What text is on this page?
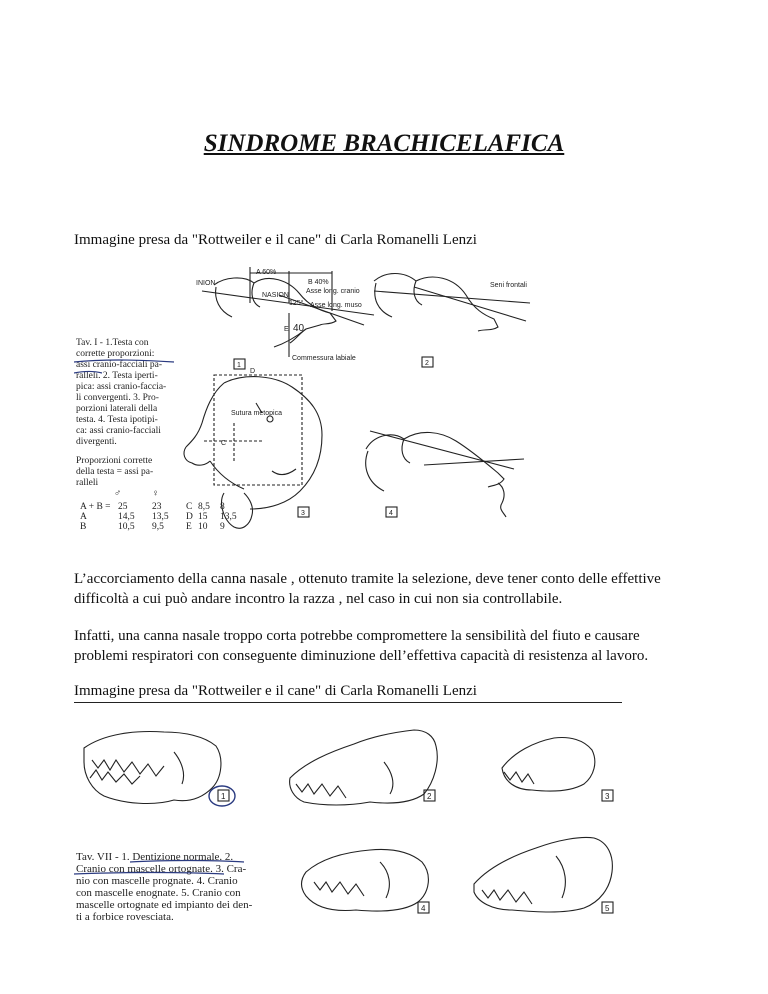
SINDROME BRACHICELAFICA

Immagine presa da "Rottweiler e il cane" di Carla Romanelli Lenzi

Tav. I - 1.Testa con
corrette proporzioni:
assi cranio-facciali pa-
ralleli. 2. Testa iperti-
pica: assi cranio-faccia-
li convergenti. 3. Pro-
porzioni laterali della
testa. 4. Testa ipotipi-
ca: assi cranio-facciali
divergenti.
Proporzioni corrette
della testa = assi pa-
ralleli
♂	♀
A + B = 25	23
A	14,5 13,5
B	10,5 9,5
C 8,5 8
D 15 13,5
E 10 9
A 60%
B 40%
INION
NASION
125°
Asse long. cranio
Asse long. muso
E 40
Commessura labiale
1
Seni frontali
2
D
C
Sutura metopica
3	4

L’accorciamento della canna nasale , ottenuto tramite la selezione, deve tener conto delle effettive difficoltà a cui può andare incontro la razza , nel caso in cui non sia controllabile.

Infatti, una canna nasale troppo corta potrebbe compromettere la sensibilità del fiuto e causare problemi respiratori con conseguente diminuzione dell’effettiva capacità di resistenza al lavoro.

Immagine presa da "Rottweiler e il cane" di Carla Romanelli Lenzi

1	2	3
Tav. VII - 1. Dentizione normale. 2.
Cranio con mascelle ortognate. 3. Cra-
nio con mascelle prognate. 4. Cranio
con mascelle enognate. 5. Cranio con
mascelle ortognate ed impianto dei den-
ti a forbice rovesciata.
4	5
